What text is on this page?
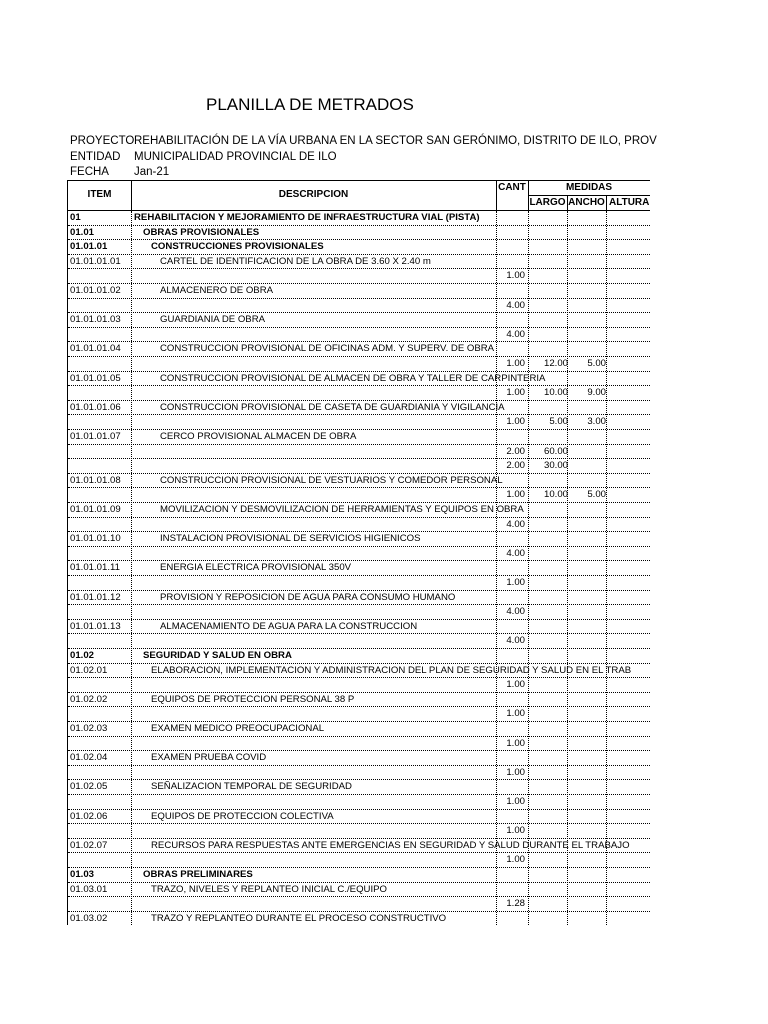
PLANILLA DE METRADOS
PROYECTOREHABILITACIÓN DE LA VÍA URBANA EN LA SECTOR SAN GERÓNIMO, DISTRITO DE ILO, PROV
ENTIDAD MUNICIPALIDAD PROVINCIAL DE ILO
FECHA Jan-21
ITEM	DESCRIPCION
CANT	MEDIDAS
LARGO ANCHO ALTURA
01	REHABILITACION Y MEJORAMIENTO DE INFRAESTRUCTURA VIAL (PISTA)
01.01	OBRAS PROVISIONALES
01.01.01	CONSTRUCCIONES PROVISIONALES
01.01.01.01	CARTEL DE IDENTIFICACION DE LA OBRA DE 3.60 X 2.40 m
1.00
01.01.01.02	ALMACENERO DE OBRA
4.00
01.01.01.03	GUARDIANIA DE OBRA
4.00
01.01.01.04	CONSTRUCCION PROVISIONAL DE OFICINAS ADM. Y SUPERV. DE OBRA
1.00	12.00	5.00
01.01.01.05	CONSTRUCCION PROVISIONAL DE ALMACEN DE OBRA Y TALLER DE CARPINTERIA
1.00	10.00	9.00
01.01.01.06	CONSTRUCCION PROVISIONAL DE CASETA DE GUARDIANIA Y VIGILANCIA
1.00	5.00	3.00
01.01.01.07	CERCO PROVISIONAL ALMACEN DE OBRA
2.00	60.00
2.00	30.00
01.01.01.08	CONSTRUCCION PROVISIONAL DE VESTUARIOS Y COMEDOR PERSONAL
1.00	10.00	5.00
01.01.01.09	MOVILIZACION Y DESMOVILIZACION DE HERRAMIENTAS Y EQUIPOS EN OBRA
4.00
01.01.01.10	INSTALACION PROVISIONAL DE SERVICIOS HIGIENICOS
4.00
01.01.01.11	ENERGIA ELECTRICA PROVISIONAL 350V
1.00
01.01.01.12	PROVISION Y REPOSICION DE AGUA PARA CONSUMO HUMANO
4.00
01.01.01.13	ALMACENAMIENTO DE AGUA PARA LA CONSTRUCCION
4.00
01.02	SEGURIDAD Y SALUD EN OBRA
01.02.01	ELABORACION, IMPLEMENTACION Y ADMINISTRACION DEL PLAN DE SEGURIDAD Y SALUD EN EL TRAB
1.00
01.02.02	EQUIPOS DE PROTECCION PERSONAL 38 P
1.00
01.02.03	EXAMEN MEDICO PREOCUPACIONAL
1.00
01.02.04	EXAMEN PRUEBA COVID
1.00
01.02.05	SEÑALIZACION TEMPORAL DE SEGURIDAD
1.00
01.02.06	EQUIPOS DE PROTECCION COLECTIVA
1.00
01.02.07	RECURSOS PARA RESPUESTAS ANTE EMERGENCIAS EN SEGURIDAD Y SALUD DURANTE EL TRABAJO
1.00
01.03	OBRAS PRELIMINARES
01.03.01	TRAZO, NIVELES Y REPLANTEO INICIAL C./EQUIPO
1.28
01.03.02	TRAZO Y REPLANTEO DURANTE EL PROCESO CONSTRUCTIVO
